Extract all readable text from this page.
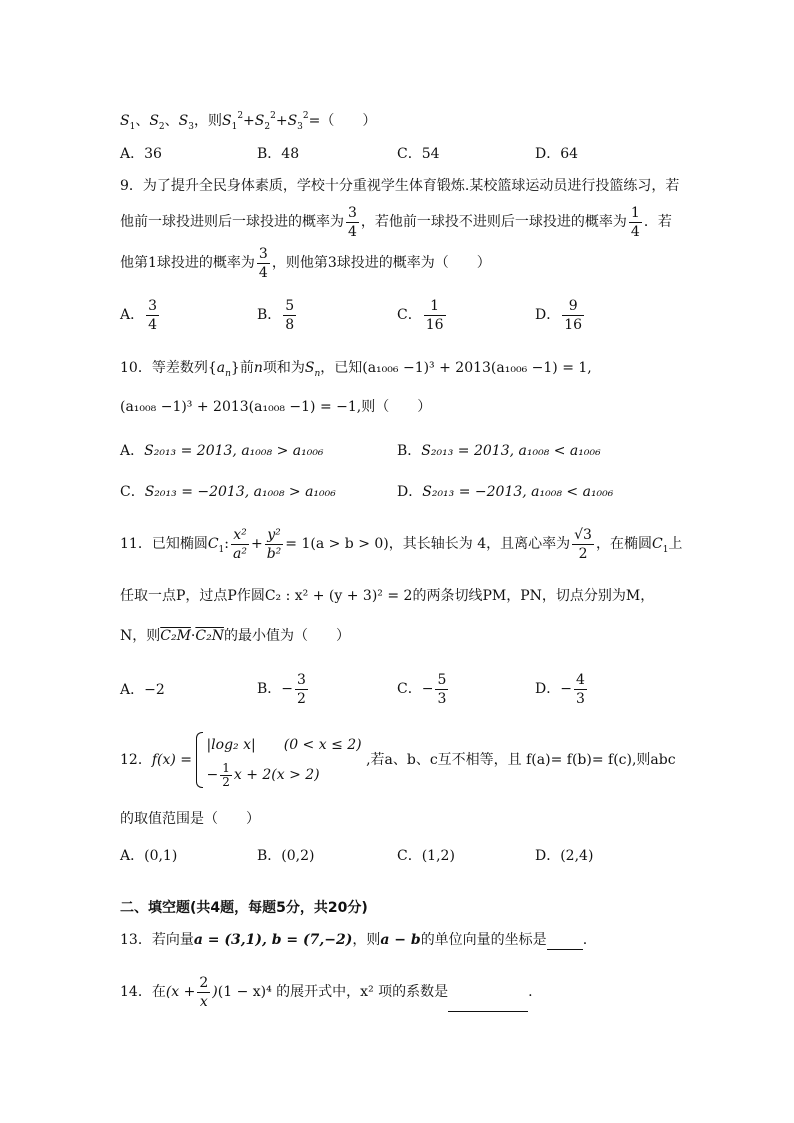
$S_1$、$S_2$、$S_3$，则$S_1^2+S_2^2+S_3^2=$（　　）
A．36	B．48	C．54	D．64
9．为了提升全民身体素质，学校十分重视学生体育锻炼.某校篮球运动员进行投篮练习，若
他前一球投进则后一球投进的概率为 $\frac{3}{4}$ ，若他前一球投不进则后一球投进的概率为 $\frac{1}{4}$ ．若
他第1球投进的概率为 $\frac{3}{4}$ ，则他第3球投进的概率为（　　）
A． $\frac{3}{4}$	B． $\frac{5}{8}$	C． $\frac{1}{16}$	D． $\frac{9}{16}$
10．等差数列$\{a_n\}$前n项和为$S_n$，已知(a₁₀₀₆ −1)³ + 2013(a₁₀₀₆ −1) = 1,
(a₁₀₀₈ −1)³ + 2013(a₁₀₀₈ −1) = −1,则（　　）
A．S₂₀₁₃ = 2013, a₁₀₀₈ > a₁₀₀₆	B．S₂₀₁₃ = 2013, a₁₀₀₈ < a₁₀₀₆
C．S₂₀₁₃ = −2013, a₁₀₀₈ > a₁₀₀₆	D．S₂₀₁₃ = −2013, a₁₀₀₈ < a₁₀₀₆
11．已知椭圆$C_1$: $\frac{\text{x²}}{\text{a²}} + \frac{\text{y²}}{\text{b²}} = 1(a > b > 0)$，其长轴长为 4，且离心率为 $\frac{√3}{2}$ ，在椭圆$C_1$上
任取一点P，过点P作圆C₂ : x² + (y + 3)² = 2的两条切线PM，PN，切点分别为M，
N，则C₂M·C₂N的最小值为（　　）
A．−2	B．− $\frac{3}{2}$	C．− $\frac{5}{3}$	D．− $\frac{4}{3}$
12．f(x) =
|log₂ x|　　(0 < x ≤ 2)
− $\frac{1}{2}$ x + 2(x > 2)
,若a、b、c互不相等，且 f(a)= f(b)= f(c),则abc
的取值范围是（　　）
A．(0,1)	B．(0,2)	C．(1,2)	D．(2,4)
二、填空题(共4题，每题5分，共20分)
13．若向量a = (3,1), b = (7,−2)，则a − b的单位向量的坐标是	.
14．在$(x + \frac{2}{x} )(1 - x)^4$ 的展开式中，x² 项的系数是	.
